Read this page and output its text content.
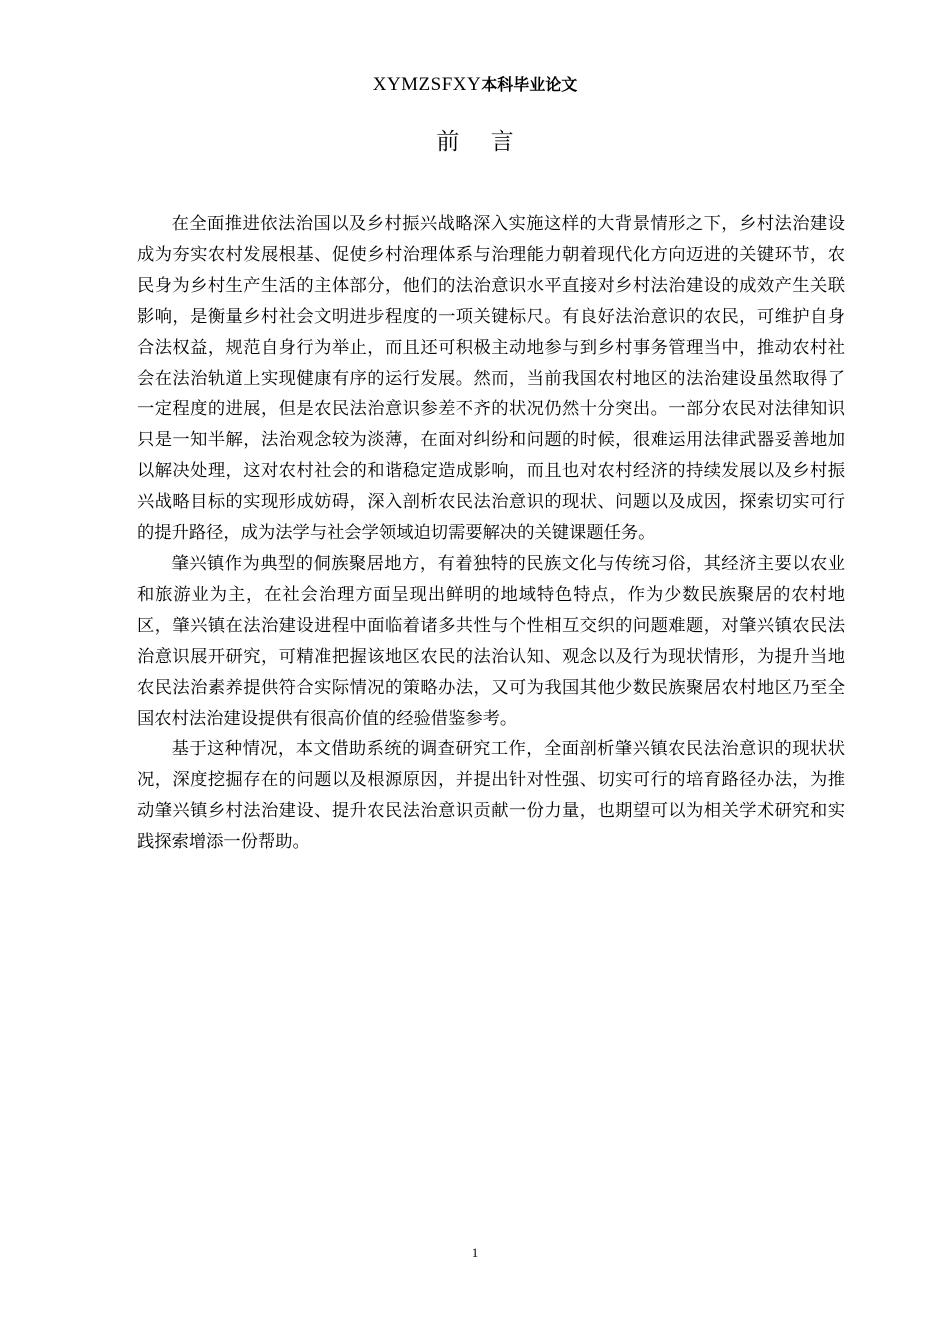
XYMZSFXY本科毕业论文
前 言

在全面推进依法治国以及乡村振兴战略深入实施这样的大背景情形之下，乡村法治建设成为夯实农村发展根基、促使乡村治理体系与治理能力朝着现代化方向迈进的关键环节，农民身为乡村生产生活的主体部分，他们的法治意识水平直接对乡村法治建设的成效产生关联影响，是衡量乡村社会文明进步程度的一项关键标尺。有良好法治意识的农民，可维护自身合法权益，规范自身行为举止，而且还可积极主动地参与到乡村事务管理当中，推动农村社会在法治轨道上实现健康有序的运行发展。然而，当前我国农村地区的法治建设虽然取得了一定程度的进展，但是农民法治意识参差不齐的状况仍然十分突出。一部分农民对法律知识只是一知半解，法治观念较为淡薄，在面对纠纷和问题的时候，很难运用法律武器妥善地加以解决处理，这对农村社会的和谐稳定造成影响，而且也对农村经济的持续发展以及乡村振兴战略目标的实现形成妨碍，深入剖析农民法治意识的现状、问题以及成因，探索切实可行的提升路径，成为法学与社会学领域迫切需要解决的关键课题任务。

肇兴镇作为典型的侗族聚居地方，有着独特的民族文化与传统习俗，其经济主要以农业和旅游业为主，在社会治理方面呈现出鲜明的地域特色特点，作为少数民族聚居的农村地区，肇兴镇在法治建设进程中面临着诸多共性与个性相互交织的问题难题，对肇兴镇农民法治意识展开研究，可精准把握该地区农民的法治认知、观念以及行为现状情形，为提升当地农民法治素养提供符合实际情况的策略办法，又可为我国其他少数民族聚居农村地区乃至全国农村法治建设提供有很高价值的经验借鉴参考。

基于这种情况，本文借助系统的调查研究工作，全面剖析肇兴镇农民法治意识的现状状况，深度挖掘存在的问题以及根源原因，并提出针对性强、切实可行的培育路径办法，为推动肇兴镇乡村法治建设、提升农民法治意识贡献一份力量，也期望可以为相关学术研究和实践探索增添一份帮助。

1
